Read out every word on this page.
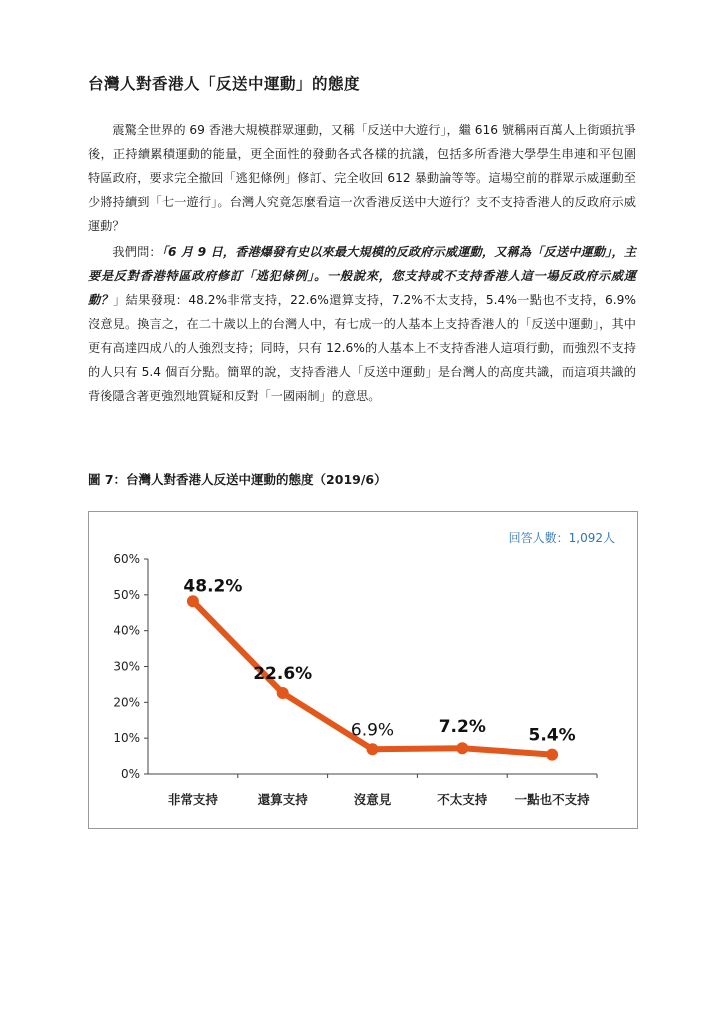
台灣人對香港人「反送中運動」的態度

震驚全世界的 69 香港大規模群眾運動，又稱「反送中大遊行」，繼 616 號稱兩百萬人上街頭抗爭後，正持續累積運動的能量，更全面性的發動各式各樣的抗議，包括多所香港大學學生串連和平包圍特區政府，要求完全撤回「逃犯條例」修訂、完全收回 612 暴動論等等。這場空前的群眾示威運動至少將持續到「七一遊行」。台灣人究竟怎麼看這一次香港反送中大遊行？支不支持香港人的反政府示威運動？

我們問：「6 月 9 日，香港爆發有史以來最大規模的反政府示威運動，又稱為「反送中運動」，主要是反對香港特區政府修訂「逃犯條例」。一般說來，您支持或不支持香港人這一場反政府示威運動？」結果發現：48.2%非常支持，22.6%還算支持，7.2%不太支持，5.4%一點也不支持，6.9%沒意見。換言之，在二十歲以上的台灣人中，有七成一的人基本上支持香港人的「反送中運動」，其中更有高達四成八的人強烈支持；同時，只有 12.6%的人基本上不支持香港人這項行動，而強烈不支持的人只有 5.4 個百分點。簡單的說，支持香港人「反送中運動」是台灣人的高度共識，而這項共識的背後隱含著更強烈地質疑和反對「一國兩制」的意思。

圖 7：台灣人對香港人反送中運動的態度（2019/6）
回答人數：1,092人
0%
10%
20%
30%
40%
50%
60%
非常支持	還算支持	沒意見	不太支持 一點也不支持
48.2%
22.6%
6.9%	7.2%	5.4%
